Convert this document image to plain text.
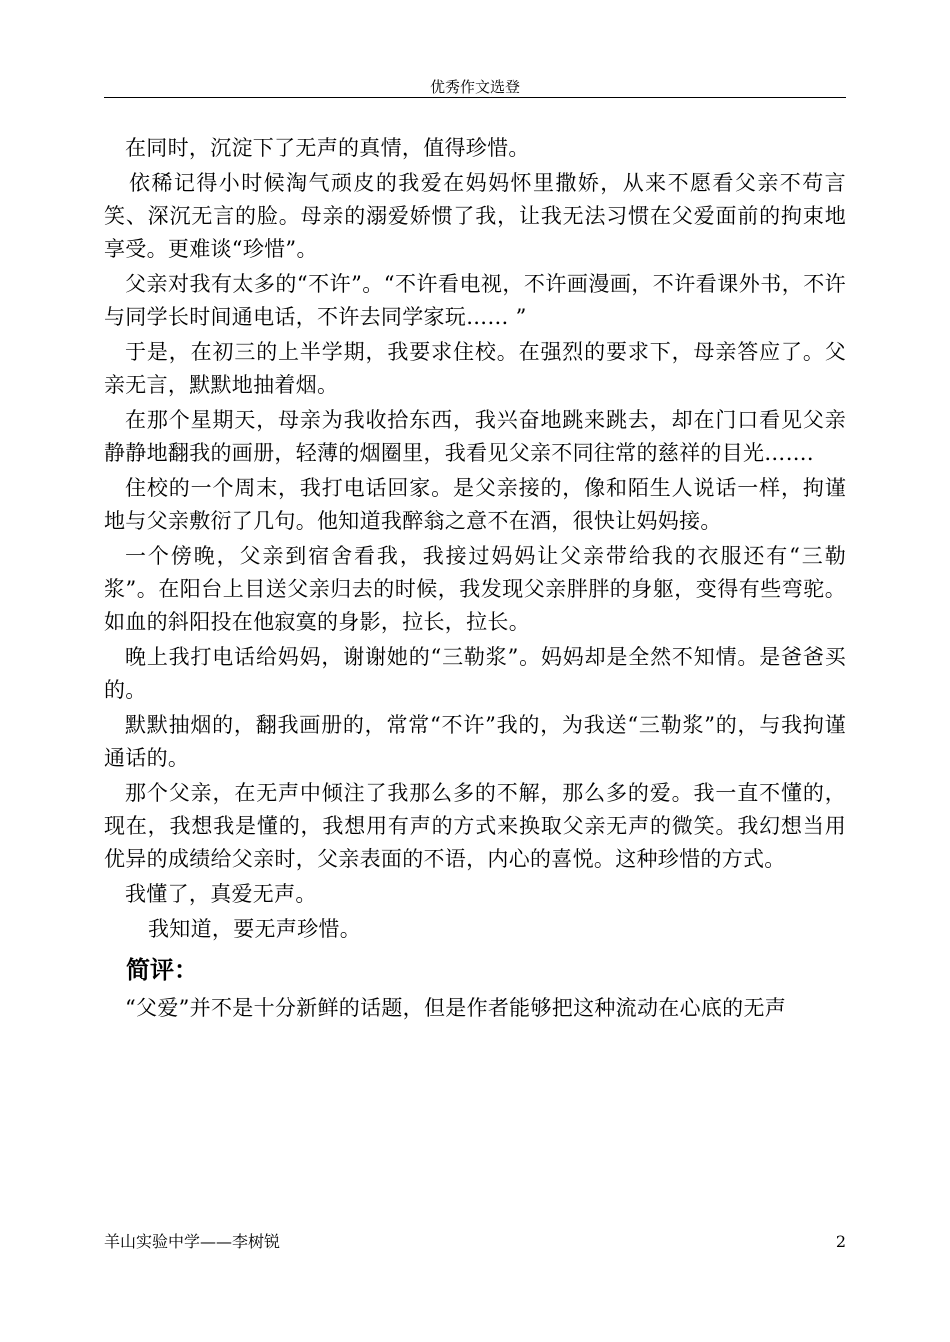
优秀作文选登

在同时，沉淀下了无声的真情，值得珍惜。

依稀记得小时候淘气顽皮的我爱在妈妈怀里撒娇，从来不愿看父亲不苟言笑、深沉无言的脸。母亲的溺爱娇惯了我，让我无法习惯在父爱面前的拘束地享受。更难谈“珍惜”。

父亲对我有太多的“不许”。“不许看电视，不许画漫画，不许看课外书，不许与同学长时间通电话，不许去同学家玩…… ”

于是，在初三的上半学期，我要求住校。在强烈的要求下，母亲答应了。父亲无言，默默地抽着烟。

在那个星期天，母亲为我收拾东西，我兴奋地跳来跳去，却在门口看见父亲静静地翻我的画册，轻薄的烟圈里，我看见父亲不同往常的慈祥的目光…….

住校的一个周末，我打电话回家。是父亲接的，像和陌生人说话一样，拘谨地与父亲敷衍了几句。他知道我醉翁之意不在酒，很快让妈妈接。

一个傍晚，父亲到宿舍看我，我接过妈妈让父亲带给我的衣服还有“三勒浆”。在阳台上目送父亲归去的时候，我发现父亲胖胖的身躯，变得有些弯驼。如血的斜阳投在他寂寞的身影，拉长，拉长。

晚上我打电话给妈妈，谢谢她的“三勒浆”。妈妈却是全然不知情。是爸爸买的。

默默抽烟的，翻我画册的，常常“不许”我的，为我送“三勒浆”的，与我拘谨通话的。

那个父亲，在无声中倾注了我那么多的不解，那么多的爱。我一直不懂的，现在，我想我是懂的，我想用有声的方式来换取父亲无声的微笑。我幻想当用优异的成绩给父亲时，父亲表面的不语，内心的喜悦。这种珍惜的方式。

我懂了，真爱无声。

我知道，要无声珍惜。

简评：

“父爱”并不是十分新鲜的话题，但是作者能够把这种流动在心底的无声

羊山实验中学——李树锐	2
